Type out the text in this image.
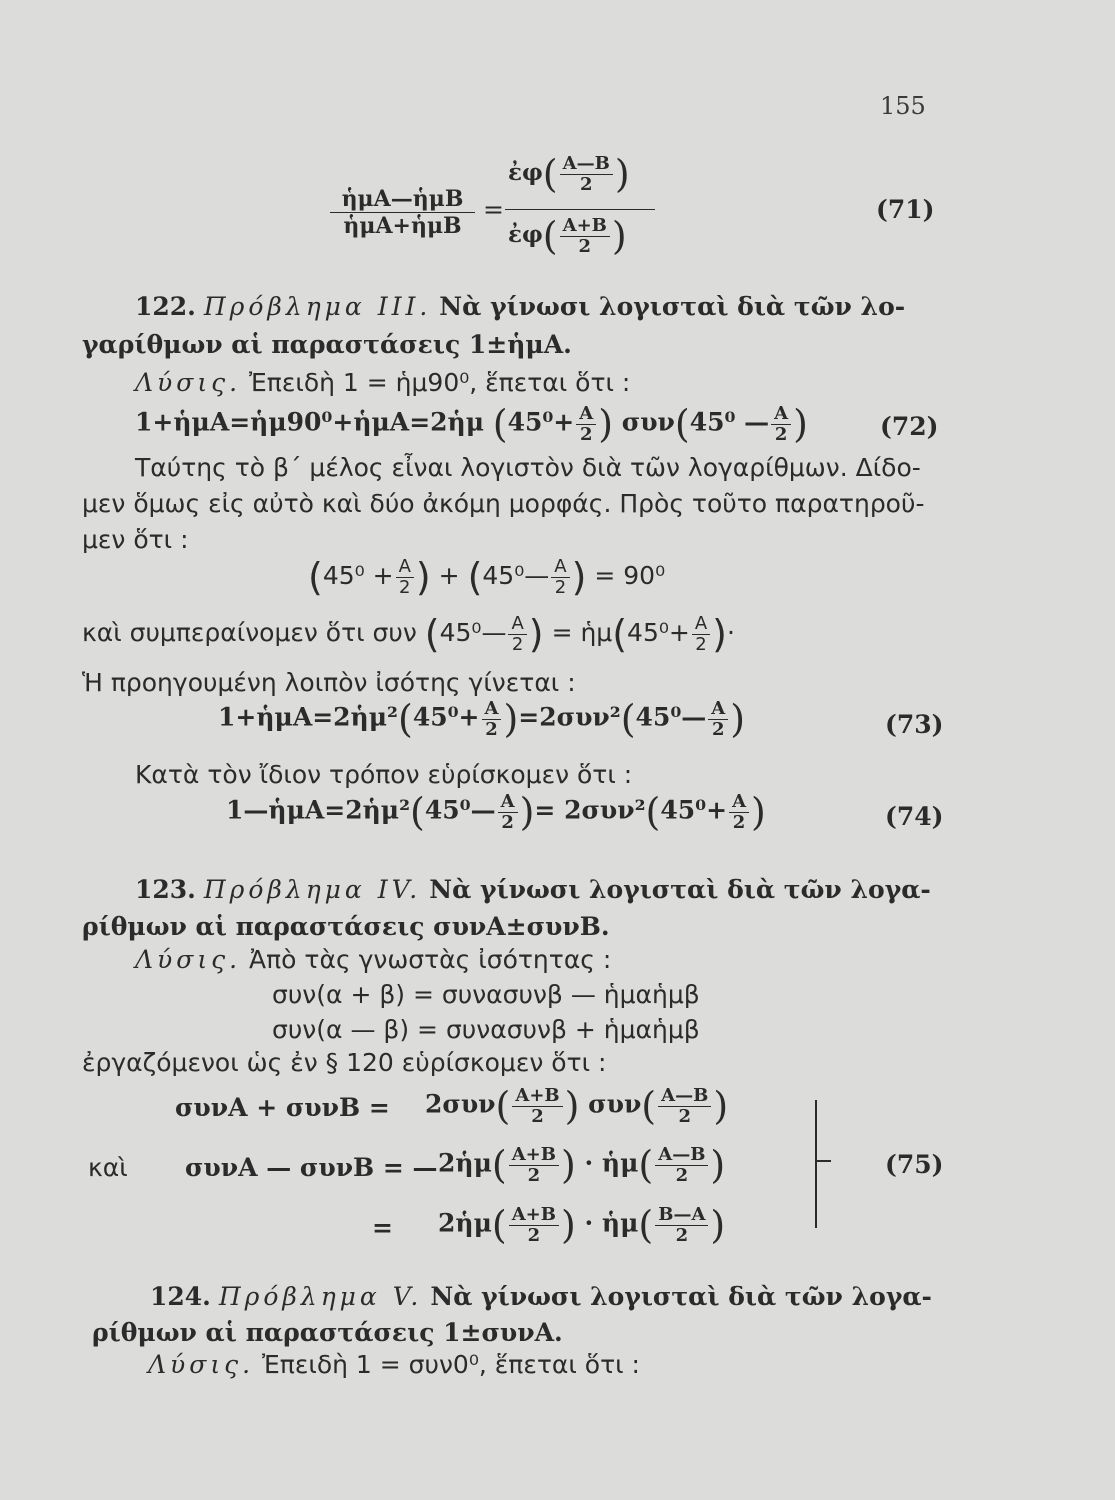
155
ἡμΑ—ἡμΒ
ἡμΑ+ἡμΒ
=
ἐφ( $\frac{A—B}{2}$ )
ἐφ( $\frac{A+B}{2}$ )
(71)
122. Πρόβλημα III. Νὰ γίνωσι λογισταὶ διὰ τῶν λο-
γαρίθμων αἱ παραστάσεις 1±ἡμΑ.
Λύσις. Ἐπειδὴ 1 = ἡμ90⁰, ἕπεται ὅτι :
1+ἡμΑ=ἡμ90⁰+ἡμΑ=2ἡμ ($45^0+ \frac{A}{2}$ ) συν(45⁰ — $\frac{A}{2}$ )	(72)
Ταύτης τὸ β΄ μέλος εἶναι λογιστὸν διὰ τῶν λογαρίθμων. Δίδο-
μεν ὅμως εἰς αὐτὸ καὶ δύο ἀκόμη μορφάς. Πρὸς τοῦτο παρατηροῦ-
μεν ὅτι :
($45^0 + \frac{A}{2}$ ) + (45⁰— $\frac{A}{2}$ ) = 90⁰
καὶ συμπεραίνομεν ὅτι συν (45⁰— $\frac{A}{2}$ ) = ἡμ(45⁰+ $\frac{A}{2}$ )·
Ἡ προηγουμένη λοιπὸν ἰσότης γίνεται :
1+ἡμΑ=2ἡμ²(45⁰+ $\frac{A}{2}$ )=2συν²(45⁰— $\frac{A}{2}$ )	(73)
Κατὰ τὸν ἴδιον τρόπον εὑρίσκομεν ὅτι :
1—ἡμΑ=2ἡμ²(45⁰— $\frac{A}{2}$ )= $2\sigma\upsilon\nu^2(45^0+ \frac{A}{2}$ )	(74)
123. Πρόβλημα IV. Νὰ γίνωσι λογισταὶ διὰ τῶν λογα-
ρίθμων αἱ παραστάσεις συνΑ±συνΒ.
Λύσις. Ἀπὸ τὰς γνωστὰς ἰσότητας :
συν(α + β) = συνασυνβ — ἡμαἡμβ
συν(α — β) = συνασυνβ + ἡμαἡμβ
ἐργαζόμενοι ὡς ἐν § 120 εὑρίσκομεν ὅτι :
$\sigma\upsilon\nu A + \sigma\upsilon\nu B = 2\sigma\upsilon\nu( \frac{A+B}{2}$ ) $\sigma\upsilon\nu( \frac{A—B}{2}$ )
καὶ συνΑ — συνΒ = — 2ἡμ( $\frac{A+B}{2}$ ) · ἡμ( $\frac{A—B}{2}$ )
= 2ἡμ( $\frac{A+B}{2}$ ) · ἡμ( $\frac{B—A}{2}$ )
(75)
124. Πρόβλημα V. Νὰ γίνωσι λογισταὶ διὰ τῶν λογα-
ρίθμων αἱ παραστάσεις 1±συνΑ.
Λύσις. Ἐπειδὴ 1 = συν0⁰, ἕπεται ὅτι :
